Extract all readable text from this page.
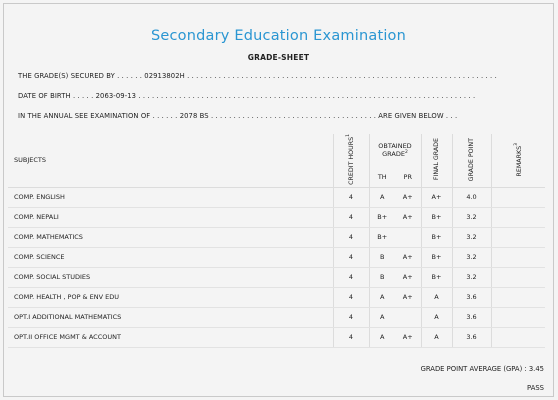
Secondary Education Examination
GRADE-SHEET
THE GRADE(S) SECURED BY . . . . . . 02913802H . . . . . . . . . . . . . . . . . . . . . . . . . . . . . . . . . . . . . . . . . . . . . . . . . . . . . . . . . . . . . . . . . . . . .
DATE OF BIRTH . . . . . 2063-09-13 . . . . . . . . . . . . . . . . . . . . . . . . . . . . . . . . . . . . . . . . . . . . . . . . . . . . . . . . . . . . . . . . . . . . . . . . . . .
IN THE ANNUAL SEE EXAMINATION OF . . . . . . 2078 BS . . . . . . . . . . . . . . . . . . . . . . . . . . . . . . . . . . . . . ARE GIVEN BELOW . . .
SUBJECTS	CREDIT HOURS$^1$	OBTAINED GRADE$^2$		FINAL GRADE	GRADE POINT	REMARKS$^3$
		TH	PR			
COMP. ENGLISH	4	A	A+	A+	4.0	
COMP. NEPALI	4	B+	A+	B+	3.2	
COMP. MATHEMATICS	4	B+		B+	3.2	
COMP. SCIENCE	4	B	A+	B+	3.2	
COMP. SOCIAL STUDIES	4	B	A+	B+	3.2	
COMP. HEALTH , POP & ENV EDU	4	A	A+	A	3.6	
OPT.I ADDITIONAL MATHEMATICS	4	A		A	3.6	
OPT.II OFFICE MGMT & ACCOUNT	4	A	A+	A	3.6	
GRADE POINT AVERAGE (GPA) : 3.45
PASS
